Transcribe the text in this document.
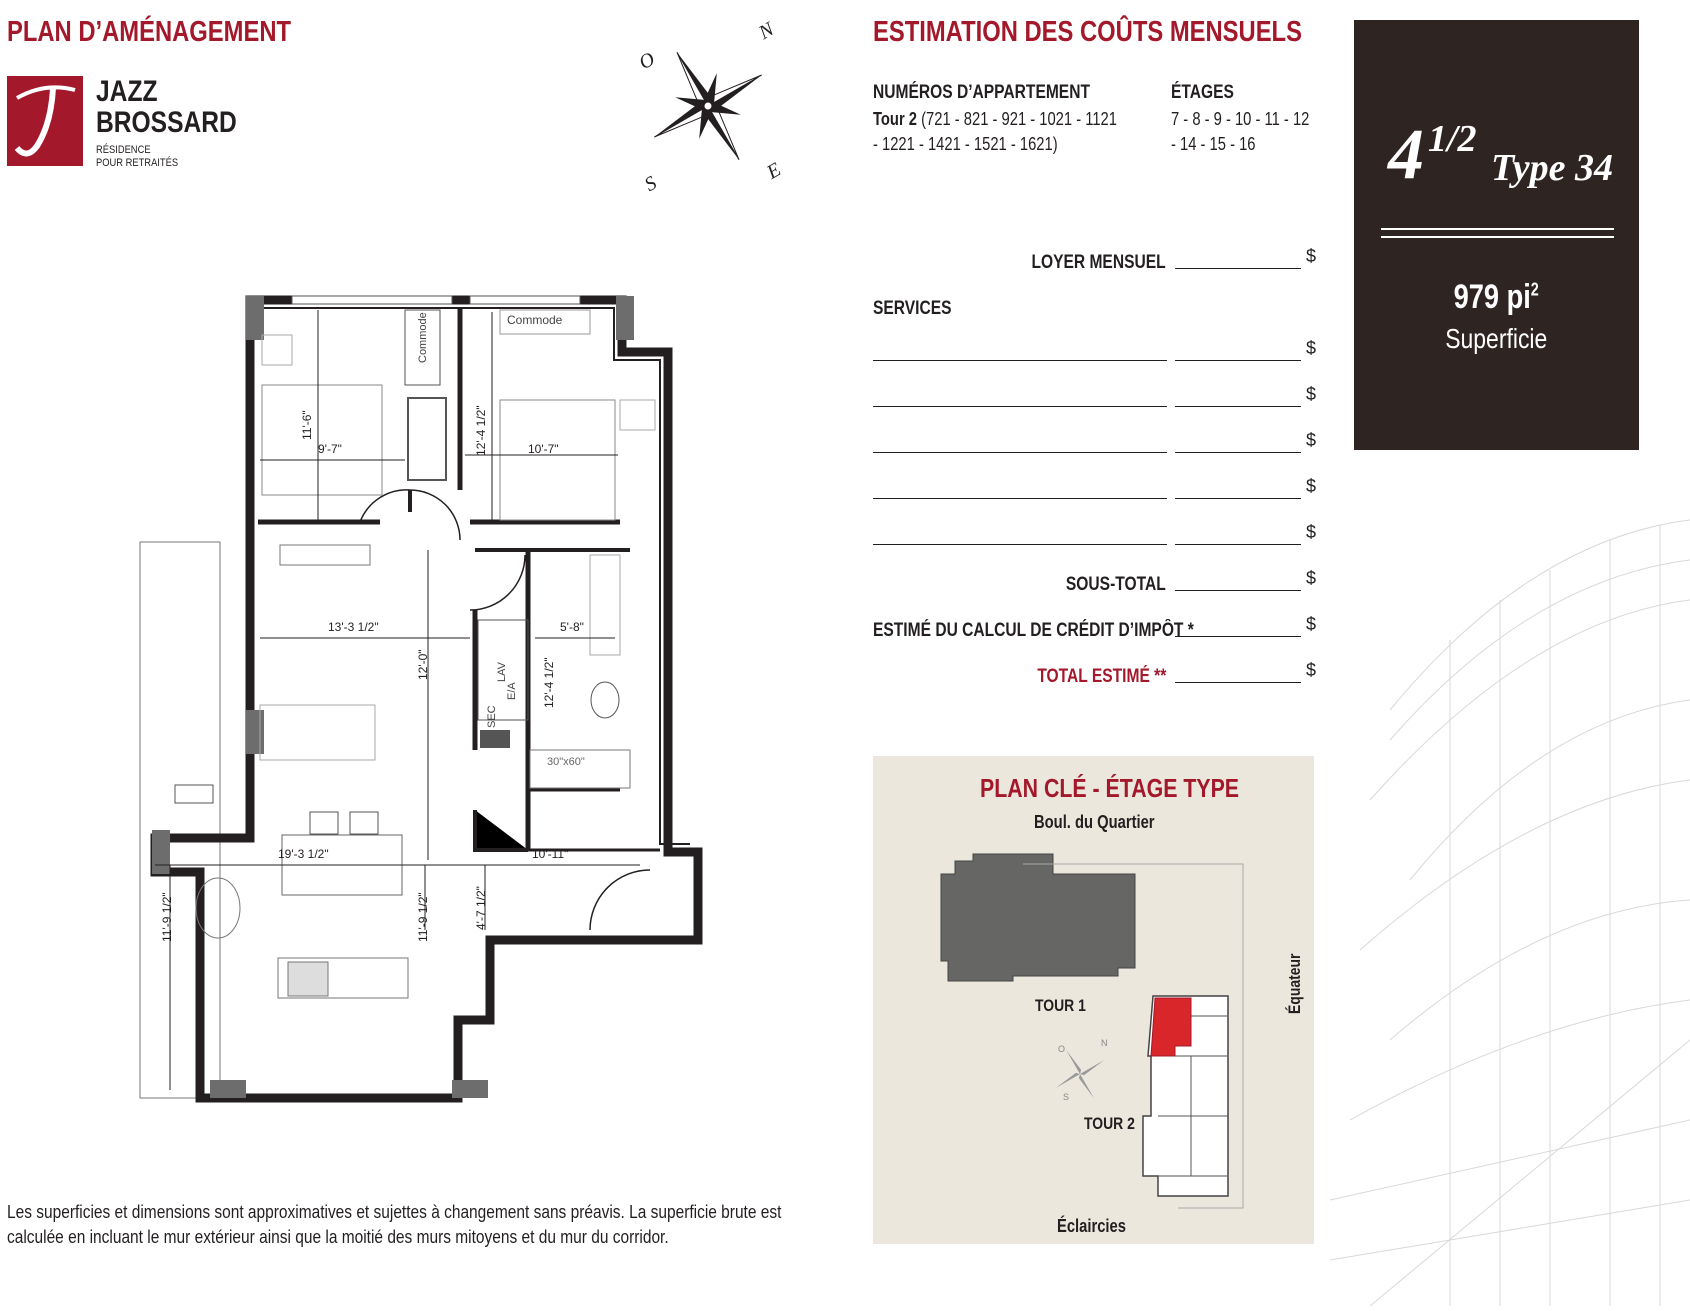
PLAN D’AMÉNAGEMENT
JAZZ
BROSSARD
RÉSIDENCE
POUR RETRAITÉS
N
E
S
O
Commode	Commode
SEC
LAV
E/A
30"x60"
11'-6"
9'-7"	12'-4 1/2"	10'-7"
13'-3 1/2"
12'-0"
5'-8"
12'-4 1/2"
19'-3 1/2"	10'-11"
11'-9 1/2"	11'-9 1/2"	4'-7 1/2"
Les superficies et dimensions sont approximatives et sujettes à changement sans préavis. La superficie brute est
calculée en incluant le mur extérieur ainsi que la moitié des murs mitoyens et du mur du corridor.
ESTIMATION DES COÛTS MENSUELS
NUMÉROS D’APPARTEMENT
Tour 2 (721 - 821 - 921 - 1021 - 1121
- 1221 - 1421 - 1521 - 1621)
ÉTAGES
7 - 8 - 9 - 10 - 11 - 12
- 14 - 15 - 16
LOYER MENSUEL	$
SERVICES
$
$
$
$
$
SOUS-TOTAL	$
ESTIMÉ DU CALCUL DE CRÉDIT D’IMPÔT *	$
TOTAL ESTIMÉ **	$
PLAN CLÉ - ÉTAGE TYPE
Boul. du Quartier
TOUR 1
TOUR 2
O
N
S
Équateur
Éclaircies
4 1/2
Type 34
979 $pi^2$
Superficie
